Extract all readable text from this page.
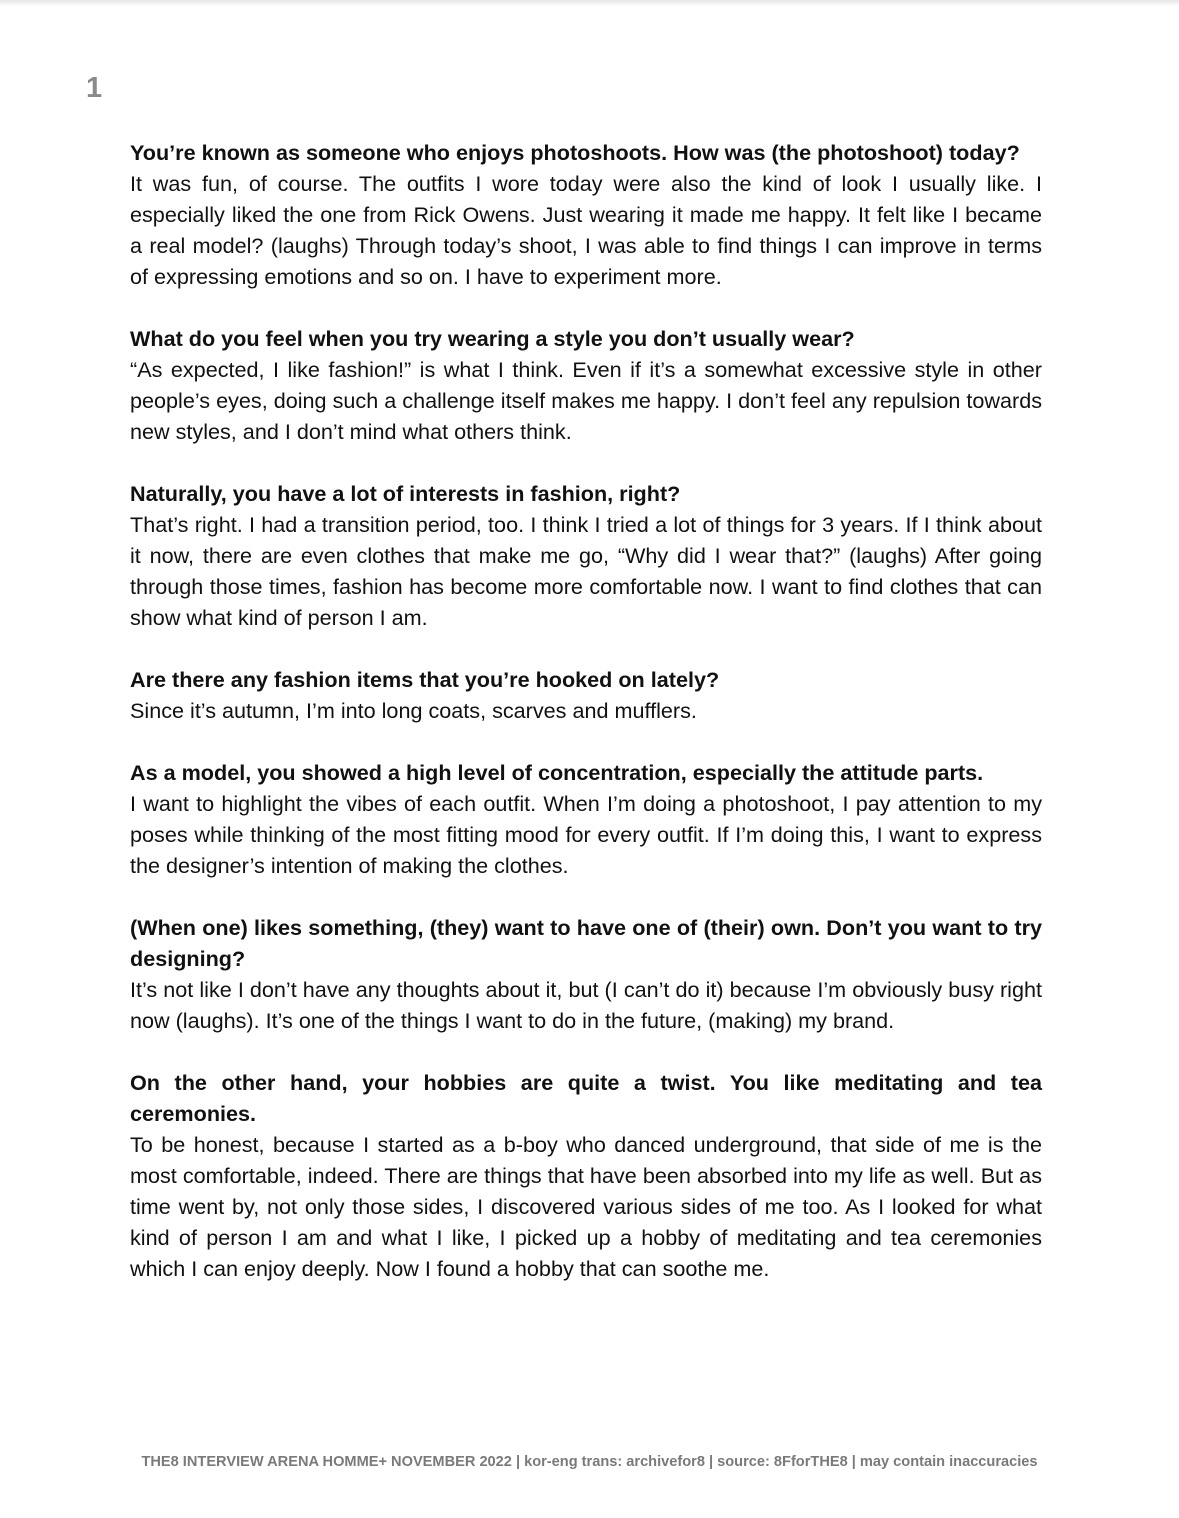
1

You’re known as someone who enjoys photoshoots. How was (the photoshoot) today?

It was fun, of course. The outfits I wore today were also the kind of look I usually like. I especially liked the one from Rick Owens. Just wearing it made me happy. It felt like I became a real model? (laughs) Through today’s shoot, I was able to find things I can improve in terms of expressing emotions and so on. I have to experiment more.

What do you feel when you try wearing a style you don’t usually wear?

“As expected, I like fashion!” is what I think. Even if it’s a somewhat excessive style in other people’s eyes, doing such a challenge itself makes me happy. I don’t feel any repulsion towards new styles, and I don’t mind what others think.

Naturally, you have a lot of interests in fashion, right?

That’s right. I had a transition period, too. I think I tried a lot of things for 3 years. If I think about it now, there are even clothes that make me go, “Why did I wear that?” (laughs) After going through those times, fashion has become more comfortable now. I want to find clothes that can show what kind of person I am.

Are there any fashion items that you’re hooked on lately?

Since it’s autumn, I’m into long coats, scarves and mufflers.

As a model, you showed a high level of concentration, especially the attitude parts.

I want to highlight the vibes of each outfit. When I’m doing a photoshoot, I pay attention to my poses while thinking of the most fitting mood for every outfit. If I’m doing this, I want to express the designer’s intention of making the clothes.

(When one) likes something, (they) want to have one of (their) own. Don’t you want to try designing?

It’s not like I don’t have any thoughts about it, but (I can’t do it) because I’m obviously busy right now (laughs). It’s one of the things I want to do in the future, (making) my brand.

On the other hand, your hobbies are quite a twist. You like meditating and tea ceremonies.

To be honest, because I started as a b-boy who danced underground, that side of me is the most comfortable, indeed. There are things that have been absorbed into my life as well. But as time went by, not only those sides, I discovered various sides of me too. As I looked for what kind of person I am and what I like, I picked up a hobby of meditating and tea ceremonies which I can enjoy deeply. Now I found a hobby that can soothe me.

THE8 INTERVIEW ARENA HOMME+ NOVEMBER 2022 | kor-eng trans: archivefor8 | source: 8FforTHE8 | may contain inaccuracies
